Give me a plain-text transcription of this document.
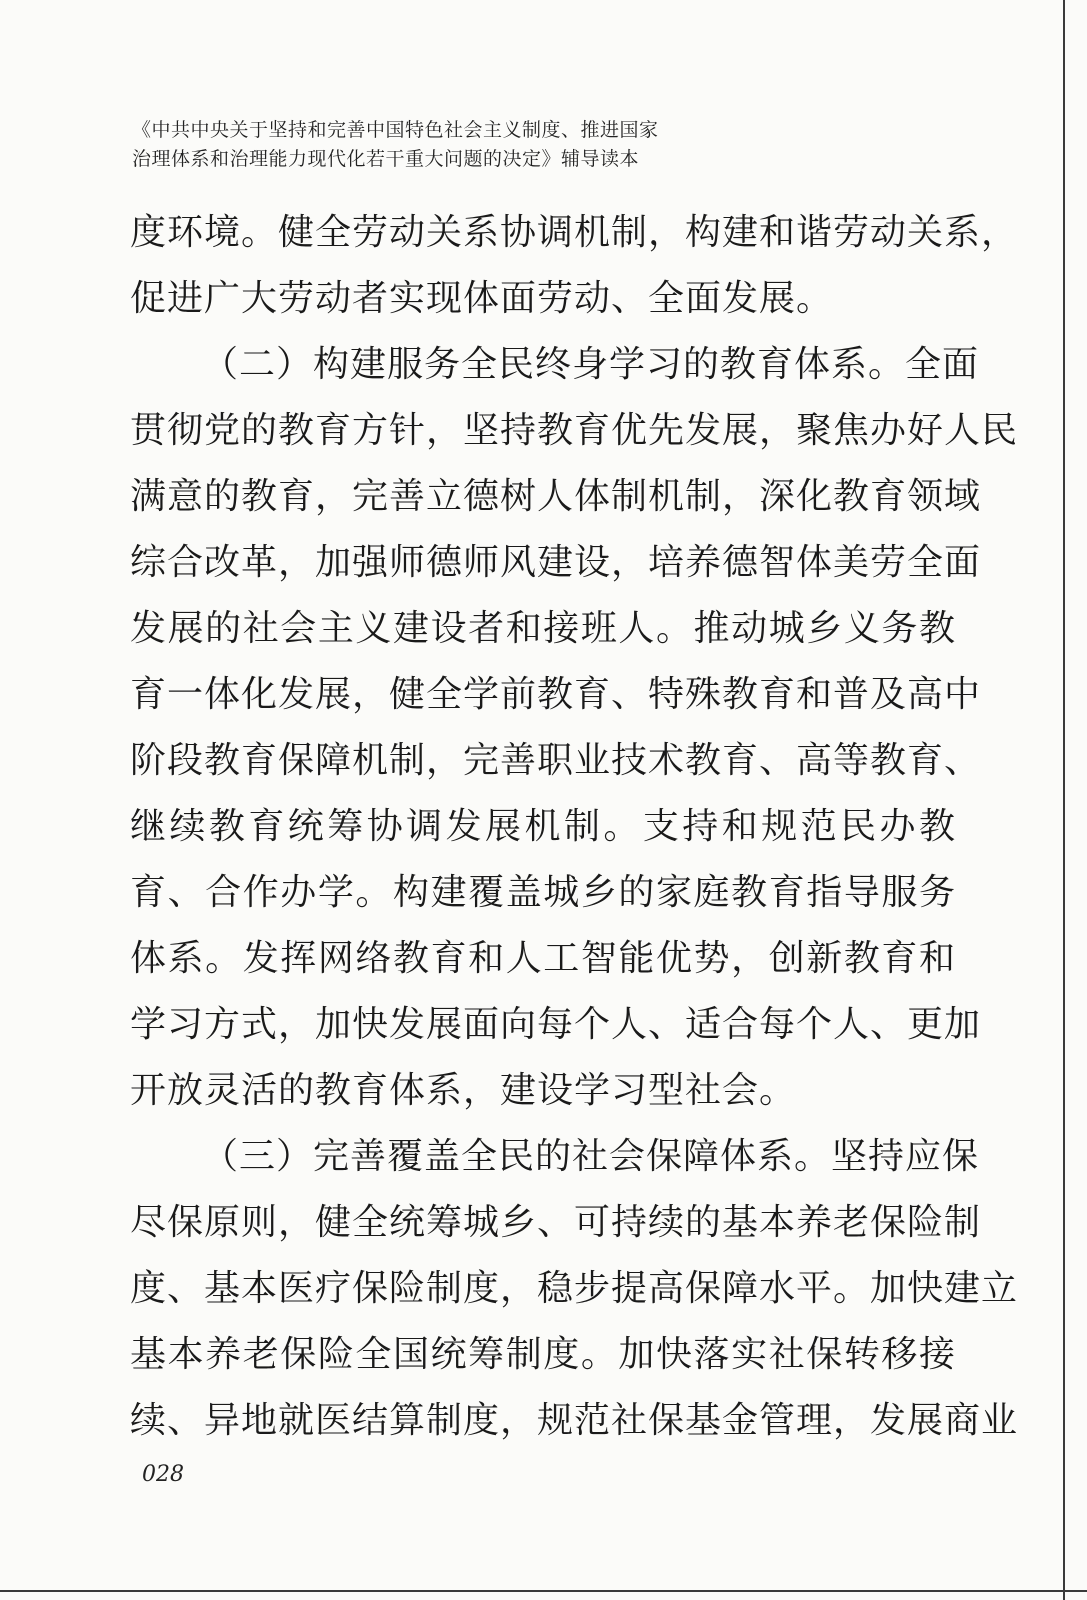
《中共中央关于坚持和完善中国特色社会主义制度、推进国家
治理体系和治理能力现代化若干重大问题的决定》辅导读本
度环境。健全劳动关系协调机制，构建和谐劳动关系，
促进广大劳动者实现体面劳动、全面发展。
（二）构建服务全民终身学习的教育体系。全面
贯彻党的教育方针，坚持教育优先发展，聚焦办好人民
满意的教育，完善立德树人体制机制，深化教育领域
综合改革，加强师德师风建设，培养德智体美劳全面
发展的社会主义建设者和接班人。推动城乡义务教
育一体化发展，健全学前教育、特殊教育和普及高中
阶段教育保障机制，完善职业技术教育、高等教育、
继续教育统筹协调发展机制。支持和规范民办教
育、合作办学。构建覆盖城乡的家庭教育指导服务
体系。发挥网络教育和人工智能优势，创新教育和
学习方式，加快发展面向每个人、适合每个人、更加
开放灵活的教育体系，建设学习型社会。
（三）完善覆盖全民的社会保障体系。坚持应保
尽保原则，健全统筹城乡、可持续的基本养老保险制
度、基本医疗保险制度，稳步提高保障水平。加快建立
基本养老保险全国统筹制度。加快落实社保转移接
续、异地就医结算制度，规范社保基金管理，发展商业
028
